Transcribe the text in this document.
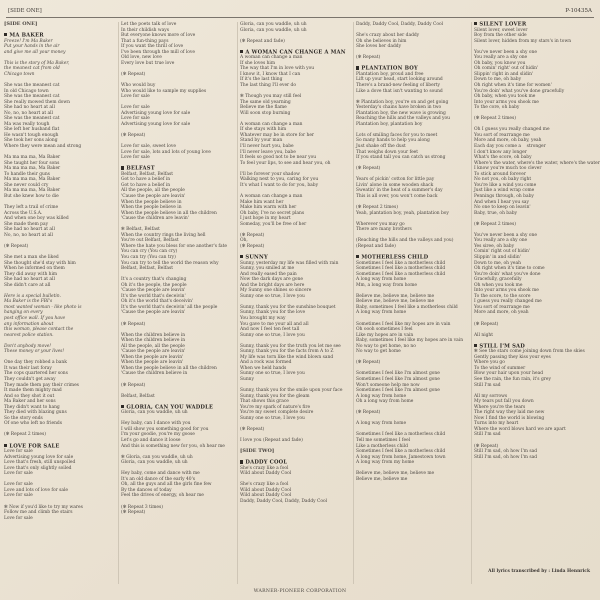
[SIDE ONE]	P-10435A
[SIDE ONE]
MA BAKER
Freeze! I'm Ma Baker
Put your hands in the air
and give me all your money
This is the story of Ma Baker,
the meanest cat from old
Chicago town
She was the meanest cat
In old Chicago town
She was the meanest cat
She really mowed them down
She had no heart at all
No, no, no heart at all
She was the meanest cat
Ma was really tough
She left her husband flat
He wasn't tough enough
She took her sons along
Where they were mean and strong
Ma ma ma ma, Ma Baker
She taught her four sons
Ma ma ma ma, Ma Baker
To handle their guns
Ma ma ma ma, Ma Baker
She never could cry
Ma ma ma ma, Ma Baker
But she knew how to die
They left a trail of crime
Across the U.S.A.
And when one boy was killed
She made them pay
She had no heart at all
No, no, no heart at all
(✻ Repeat)
She met a man she liked
She thought she'd stay with him
When he informed on them
They did away with him
She had no heart at all
She didn't care at all
Here is a special bulletin.
Ma Baker is the FBI's
most wanted woman - like photo is
hanging on every
post office wall. If you have
any information about
this woman, please contact the
nearest police station.
Don't anybody move!
These money or your lives!
One day they robbed a bank
It was their last foray
The cops quartered her sons
They couldn't get away
They made them pay their crimes
It made them mighty mad
And so they shot it out
Ma Baker and her sons
They didn't want to hang
They died with blazing guns
So the story ends
Of one who left no friends
(✻ Repeat 2 times)
LOVE FOR SALE
Love for sale
Advertising young love for sale
Love that's fresh, still unspoiled
Love that's only slightly soiled
Love for sale
Love for sale
Love and lots of love for sale
Love for sale
✻ Now if you'd like to try my wares
Follow me and climb the stairs
Love for sale
Let the poets talk of love
In their childish ways
But everyone knows more of love
That a fun-thing pays
If you want the thrill of love
I've been through the mill of love
Old love, new love
Every love but true love
(✻ Repeat)
Who would buy
Who would like to sample my supplies
Love for sale
Love for sale
Advertising young love for sale
Love for sale
Advertising young love for sale
(✻ Repeat)
Love for sale, sweet love
Love for sale, lots and lots of young love
Love for sale
BELFAST
Belfast, Belfast, Belfast
Got to have a belief in
Got to have a belief in
All the people, all the people
'Cause the people are leavin'
When the people believe in
When the people believe in
When the people believe in all the children
'Cause the children are leavin'
✻ Belfast, Belfast
When the country rings the living hell
You're out Belfast, Belfast
Where the hate you bless for one another's fate
You can cry (You can cry)
You can try (You can try)
You can try to tell the world the reason why
Belfast, Belfast, Belfast
It's a country that's changing
Oh it's the people, the people
'Cause the people are leavin'
It's the world that's deceivin'
Oh it's the world that's deceivin'
It's the world that's deceivin' all the people
'Cause the people are leavin'
(✻ Repeat)
When the children believe in
When the children believe in
All the people, all the people
'Cause the people are leavin'
When the people are leavin'
When the people are leavin'
When the people believe in all the children
'Cause the children believe in
(✻ Repeat)
Belfast, Belfast
GLORIA, CAN YOU WADDLE
Gloria, can you waddle, uh uh
Hey baby, can I dance with you
I will show you something good for you
I'm your goodie, you're my goose
Let's go and dance it loose
And this is something new for you, oh hear me
✻ Gloria, can you waddle, uh uh
Gloria, can you waddle, uh uh
Hey baby, come and dance with me
It's an old dance of the early 40's
Oh, all the guys and all the girls fine few
By the dances of today
Feel the drives of energy, oh hear me
(✻ Repeat 3 times)
(✻ Repeat)
Gloria, can you waddle, uh uh
Gloria, can you waddle, uh uh
(✻ Repeat and fade)
A WOMAN CAN CHANGE A MAN
A woman can change a man
If she loves him
The way that I'm in love with you
I know it, I know that I can
If it's the last thing
The last thing I'll ever do
✻ Though you may still feel
The same old yearning
Believe me the flame
Will soon stop burning
A woman can change a man
If she stays with him
Whatever may be in store for her
Stand by your man
I'll never hurt you, babe
I'll never leave you, babe
It feels so good not to be near you
To feel your lips, to see and hear you, oh
I'll be forever your shadow
Walking next to you, caring for you
It's what I want to do for you, baby
A woman can change a man
Make him want her
Make him warm with her
Oh baby, I've no secret plans
I just hope in my heart
Someday, you'll be free of her
(✻ Repeat)
Oh,
(✻ Repeat)
SUNNY
Sunny, yesterday my life was filled with rain
Sunny, you smiled at me
And really eased the pain
Now the dark days are gone
And the bright days are here
My Sunny one shines so sincere
Sunny one so true, I love you
Sunny, thank you for the sunshine bouquet
Sunny, thank you for the love
You brought my way
You gave to me your all and all
And now I feel ten feet tall
Sunny one so true, I love you
Sunny, thank you for the truth you let me see
Sunny, thank you for the facts from A to Z
My life was torn like the wind blown sand
And a rock was formed
When we held hands
Sunny one so true, I love you
Sunny
Sunny, thank you for the smile upon your face
Sunny, thank you for the gleam
That shows this grace
You're my spark of nature's fire
You're my sweet complete desire
Sunny one so true, I love you
(✻ Repeat)
I love you (Repeat and fade)
[SIDE TWO]
DADDY COOL
She's crazy like a fool
Wild about Daddy Cool
She's crazy like a fool
Wild about Daddy Cool
Wild about Daddy Cool
Daddy, Daddy Cool, Daddy, Daddy Cool
Daddy, Daddy Cool, Daddy, Daddy Cool
She's crazy about her daddy
Oh she believes in him
She loves her daddy
(✻ Repeat)
PLANTATION BOY
Plantation boy, proud and free
Lift up your head, start looking around
There's a brand-new feeling of liberty
Like a dove that isn't wanting to sound
✻ Plantation boy, you're on and get going
Yesterday's chains have broken in two
Plantation boy, the new wave is growing
Reaching the hills and the valleys and you
Plantation boy, plantation boy
Lots of smiling faces for you to meet
So many hands to help you along
Just shake off the dust
That weighs down your feet
If you stand tall you can catch us strong
(✻ Repeat)
Years of pickin' cotton for little pay
Livin' alone in some wooden shack
Sweatin' in the heat of a summer's day
This is all over, you won't come back
(✻ Repeat 2 times)
Yeah, plantation boy, yeah, plantation boy
Wherever you may go
There are many brothers
(Reaching the hills and the valleys and you)
(Repeat and fade)
MOTHERLESS CHILD
Sometimes I feel like a motherless child
Sometimes I feel like a motherless child
Sometimes I feel like a motherless child
A long way from home
Mm, a long way from home
Believe me, believe me, believe me
Believe me, believe me, believe me
Baby, sometimes I feel like a motherless child
A long way from home
Sometimes I feel like my hopes are in vain
Oh oooh sometimes I feel
Like my hopes are in vain
Baby, sometimes I feel like my hopes are in vain
No way to get home, no no
No way to get home
(✻ Repeat)
Sometimes I feel like I'm almost gone
Sometimes I feel like I'm almost gone
Won't someone help me now
Sometimes I feel like I'm almost gone
A long way from home
Oh a long way from home
(✻ Repeat)
A long way from home
Sometimes I feel like a motherless child
Tell me sometimes I feel
Like a motherless child
Sometimes I feel like a motherless child
A long way from home, Jamestown town
A long way from my home
Believe me, believe me, believe me
Believe me, believe me
SILENT LOVER
Silent lover, sweet lover
Boy from the other side
Silent lover, hidden from my stars's in town
You've never been a shy one
You really are a shy one
Oh baby, you know you
Oh comin' right' out of hidin'
Slippin' right in and slidin'
Down to me, oh baby
Oh right when it's time for women'
You're doin' what you've done gracefully
Oh baby, when you took me
Into your arms you shook me
To the core, oh baby
(✻ Repeat 2 times)
Oh I guess you really changed me
You sort of rearrange me
More and more, oh baby, yeah
Each day you come a    stronger
I don't know any longer
What's the score, oh baby
Where's the water, where's the water, where's the water
I know you're much too clever
To stick around forever
No not you, oh baby right
You're like a wind you come
Just like a wind wrap come
Pennings through, oh baby
And when I hear you say
No one to keep on leavin'
Baby, true, oh baby
(✻ Repeat 2 times)
You've never been a shy one
You really are a shy one
Yes siree, oh baby
Comin' right out of hidin'
Slippin' in and slidin'
Down to me, oh yeah
Oh right when it's time to come
You're doin' what you've done
Gracefully, gracefully
Oh when you took me
Into your arms you shook me
To the score, to the score
I guess you really changed me
You sort of rearrange me
More and more, oh yeah
(✻ Repeat)
All night
STILL I'M SAD
✻ See the stars come joining down from the skies
Gently passing they kiss your eyes
Where you go
To the wind of summer
Blow your hair upon your head
See the rain, the fun rain, it's grey
Still I'm sad
All my sorrows
My tears put fall you down
Where you're the tears
The right way they laid me new
Now I find the world is blowing
Turns into my heart
Where the word blows hard we are apart
Still I'm sad
(✻ Repeat)
Still I'm sad, oh how I'm sad
Still I'm sad, oh how I'm sad
All lyrics transcribed by : Linda Hennrick
WARNER-PIONEER CORPORATION
